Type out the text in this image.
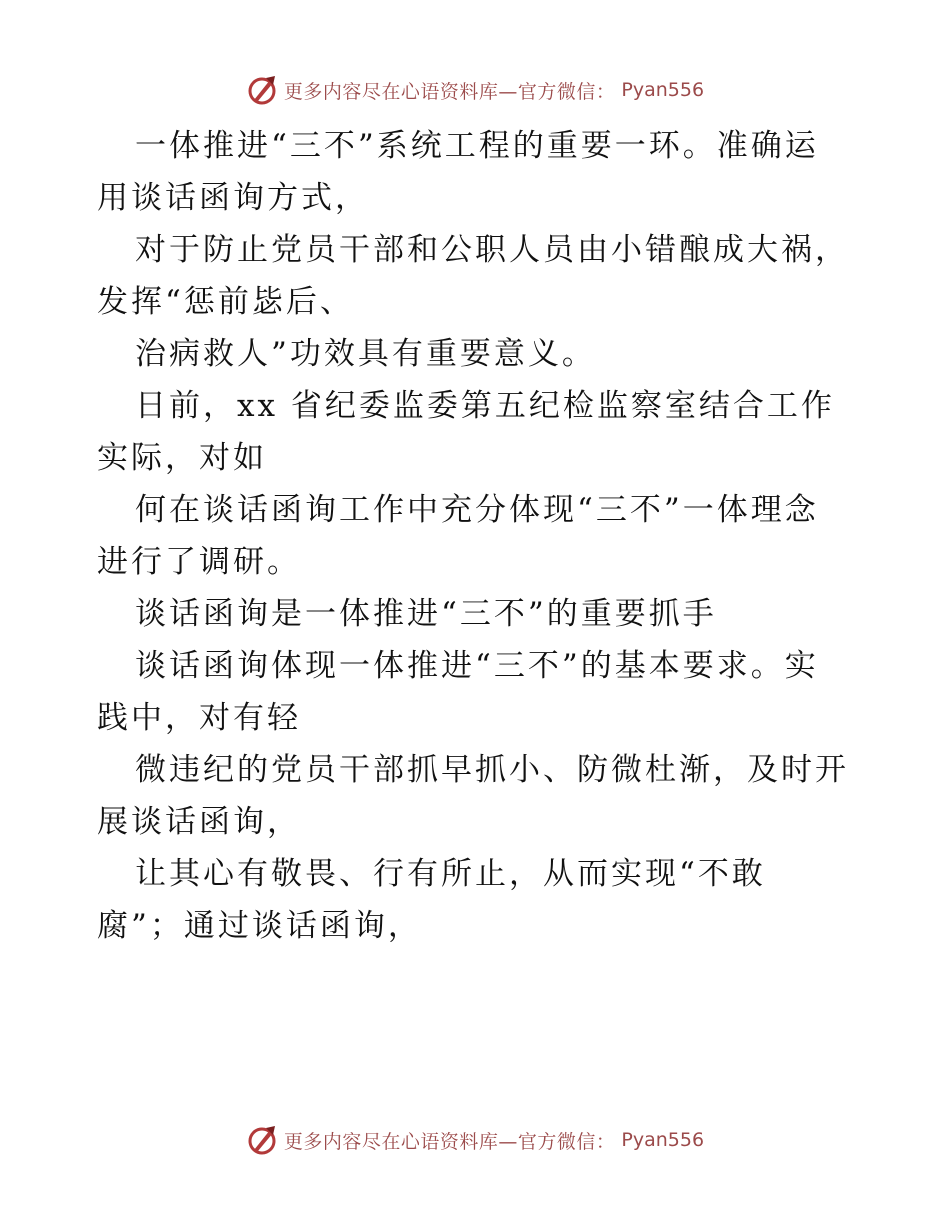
更多内容尽在心语资料库—官方微信： Pyan556
一体推进“三不”系统工程的重要一环。准确运
用谈话函询方式，
对于防止党员干部和公职人员由小错酿成大祸，
发挥“惩前毖后、
治病救人”功效具有重要意义。
日前，xx 省纪委监委第五纪检监察室结合工作
实际，对如
何在谈话函询工作中充分体现“三不”一体理念
进行了调研。
谈话函询是一体推进“三不”的重要抓手
谈话函询体现一体推进“三不”的基本要求。实
践中，对有轻
微违纪的党员干部抓早抓小、防微杜渐，及时开
展谈话函询，
让其心有敬畏、行有所止，从而实现“不敢
腐”；通过谈话函询，
更多内容尽在心语资料库—官方微信： Pyan556
